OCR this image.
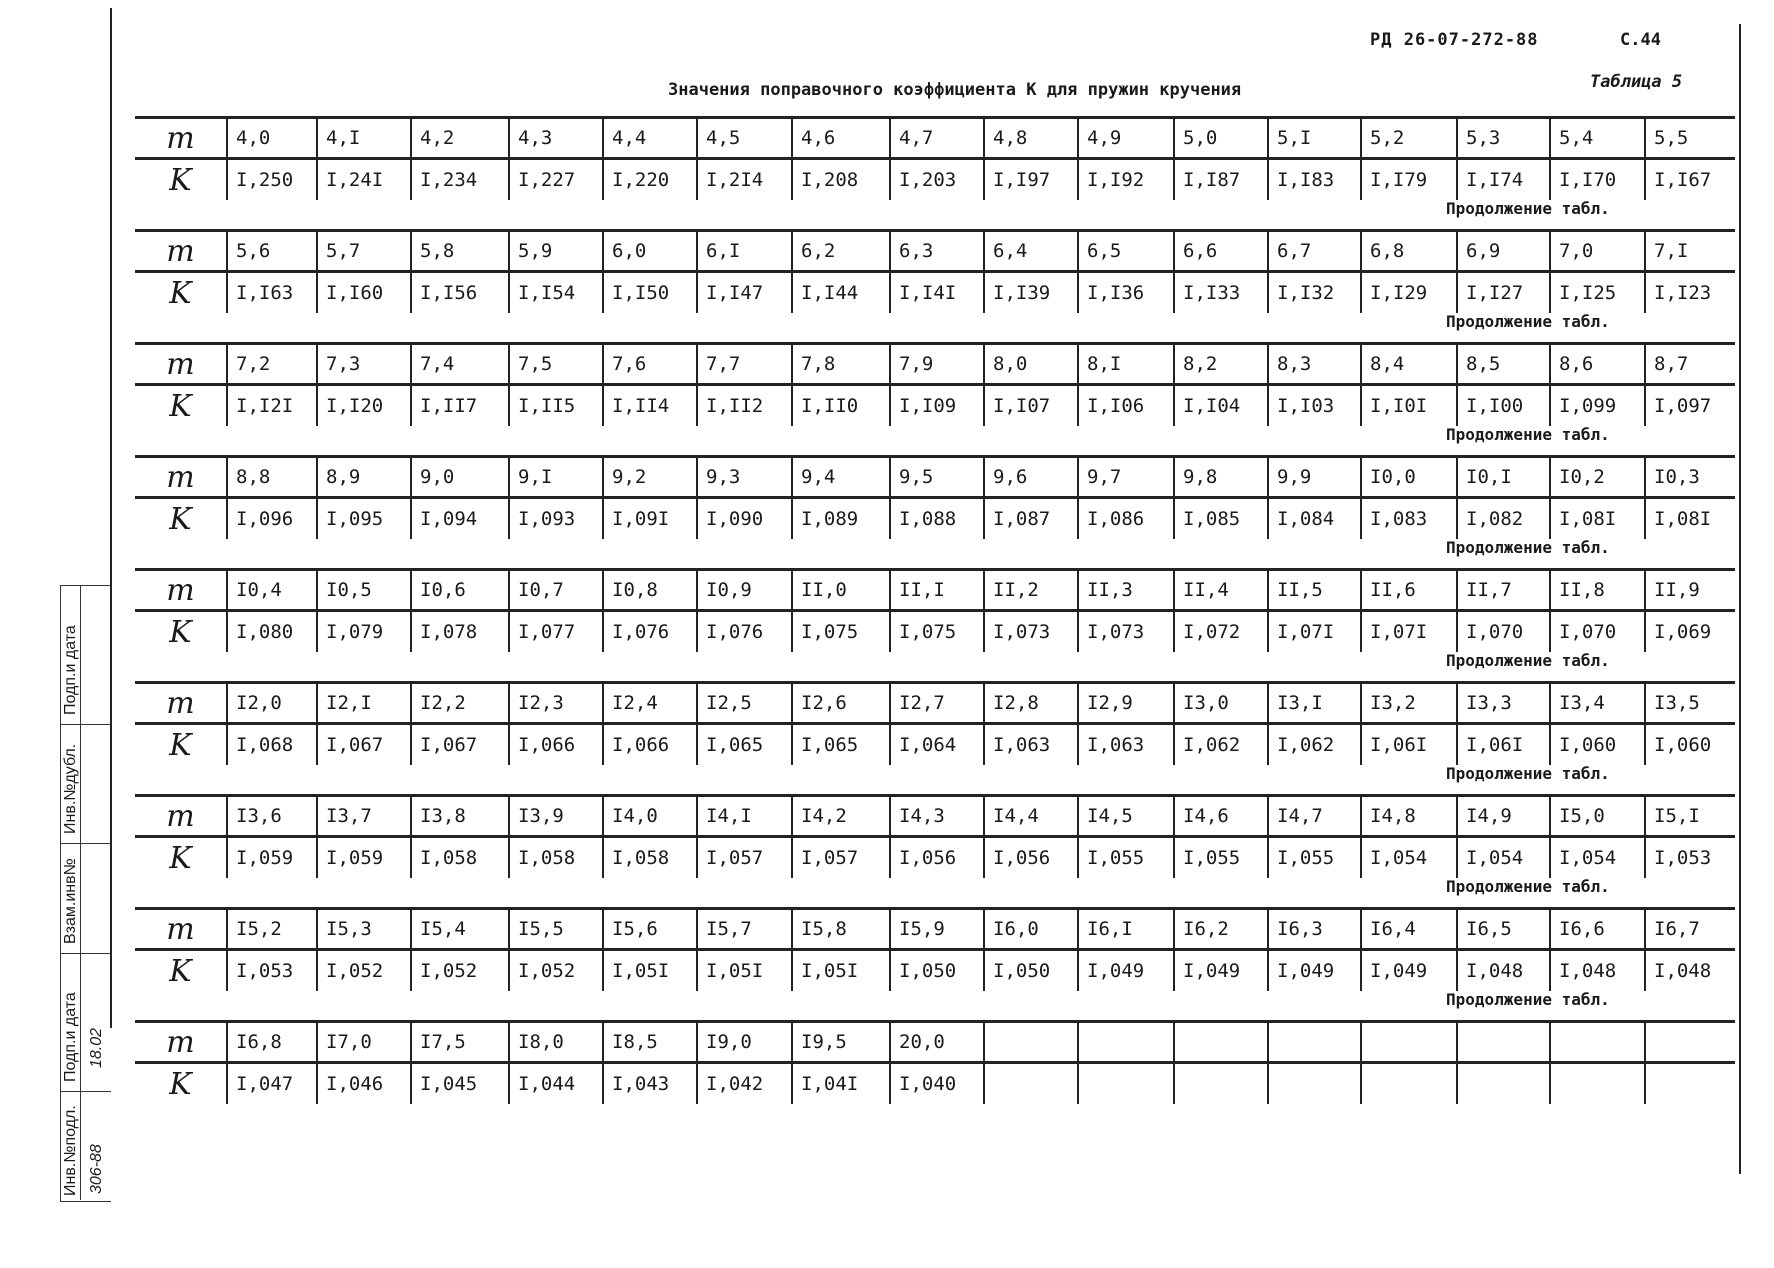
РД 26-07-272-88	С.44
Таблица 5
Значения поправочного коэффициента K для пружин кручения
m	4,0	4,I	4,2	4,3	4,4	4,5	4,6	4,7	4,8	4,9	5,0	5,I	5,2	5,3	5,4	5,5
K	I,250	I,24I	I,234	I,227	I,220	I,2I4	I,208	I,203	I,I97	I,I92	I,I87	I,I83	I,I79	I,I74	I,I70	I,I67
Продолжение табл.
m	5,6	5,7	5,8	5,9	6,0	6,I	6,2	6,3	6,4	6,5	6,6	6,7	6,8	6,9	7,0	7,I
K	I,I63	I,I60	I,I56	I,I54	I,I50	I,I47	I,I44	I,I4I	I,I39	I,I36	I,I33	I,I32	I,I29	I,I27	I,I25	I,I23
Продолжение табл.
m	7,2	7,3	7,4	7,5	7,6	7,7	7,8	7,9	8,0	8,I	8,2	8,3	8,4	8,5	8,6	8,7
K	I,I2I	I,I20	I,II7	I,II5	I,II4	I,II2	I,II0	I,I09	I,I07	I,I06	I,I04	I,I03	I,I0I	I,I00	I,099	I,097
Продолжение табл.
m	8,8	8,9	9,0	9,I	9,2	9,3	9,4	9,5	9,6	9,7	9,8	9,9	I0,0	I0,I	I0,2	I0,3
K	I,096	I,095	I,094	I,093	I,09I	I,090	I,089	I,088	I,087	I,086	I,085	I,084	I,083	I,082	I,08I	I,08I
Продолжение табл.
m	I0,4	I0,5	I0,6	I0,7	I0,8	I0,9	II,0	II,I	II,2	II,3	II,4	II,5	II,6	II,7	II,8	II,9
K	I,080	I,079	I,078	I,077	I,076	I,076	I,075	I,075	I,073	I,073	I,072	I,07I	I,07I	I,070	I,070	I,069
Продолжение табл.
m	I2,0	I2,I	I2,2	I2,3	I2,4	I2,5	I2,6	I2,7	I2,8	I2,9	I3,0	I3,I	I3,2	I3,3	I3,4	I3,5
K	I,068	I,067	I,067	I,066	I,066	I,065	I,065	I,064	I,063	I,063	I,062	I,062	I,06I	I,06I	I,060	I,060
Продолжение табл.
m	I3,6	I3,7	I3,8	I3,9	I4,0	I4,I	I4,2	I4,3	I4,4	I4,5	I4,6	I4,7	I4,8	I4,9	I5,0	I5,I
K	I,059	I,059	I,058	I,058	I,058	I,057	I,057	I,056	I,056	I,055	I,055	I,055	I,054	I,054	I,054	I,053
Продолжение табл.
m	I5,2	I5,3	I5,4	I5,5	I5,6	I5,7	I5,8	I5,9	I6,0	I6,I	I6,2	I6,3	I6,4	I6,5	I6,6	I6,7
K	I,053	I,052	I,052	I,052	I,05I	I,05I	I,05I	I,050	I,050	I,049	I,049	I,049	I,049	I,048	I,048	I,048
Продолжение табл.
m	I6,8	I7,0	I7,5	I8,0	I8,5	I9,0	I9,5	20,0								
K	I,047	I,046	I,045	I,044	I,043	I,042	I,04I	I,040								
Подп.и дата
Инв.№дубл.
Взам.инв№
Подп.и дата
Инв.№подл. 306-88
18.02
